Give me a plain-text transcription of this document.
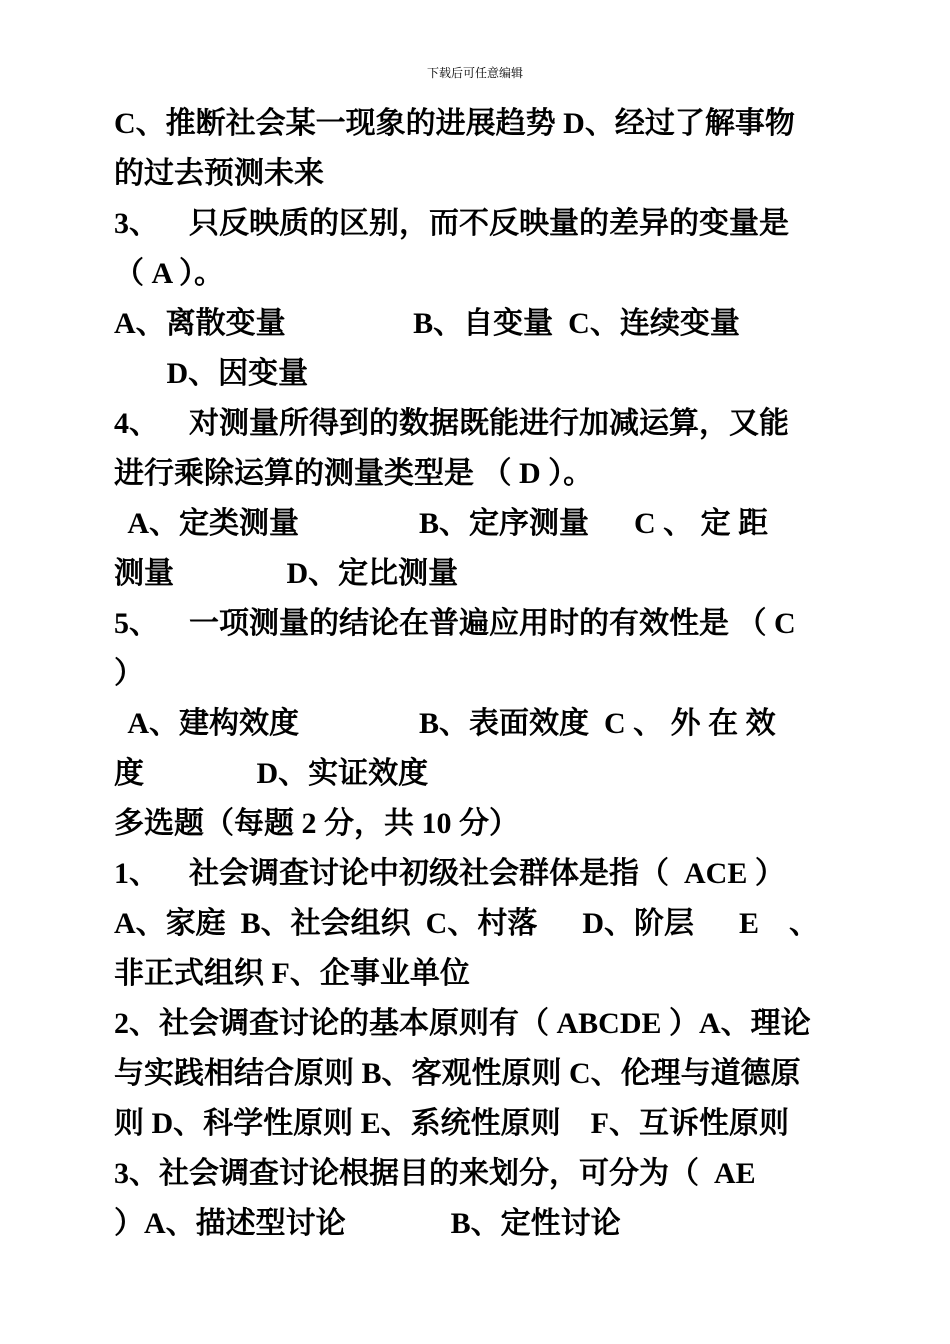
下载后可任意编辑
C、推断社会某一现象的进展趋势 D、经过了解事物
的过去预测未来
3、    只反映质的区别，而不反映量的差异的变量是
（ A ）。
A、离散变量                 B、自变量  C、连续变量
D、因变量
4、    对测量所得到的数据既能进行加减运算，又能
进行乘除运算的测量类型是 （ D ）。
A、定类测量                B、定序测量      C 、 定 距
测量               D、定比测量
5、    一项测量的结论在普遍应用时的有效性是 （ C
）
A、建构效度                B、表面效度  C 、 外 在 效
度               D、实证效度
多选题（每题 2 分，共 10 分）
1、    社会调查讨论中初级社会群体是指（  ACE ）
A、家庭  B、社会组织  C、村落      D、阶层      E    、
非正式组织 F、企事业单位
2、社会调查讨论的基本原则有（ ABCDE ）A、理论
与实践相结合原则 B、客观性原则 C、伦理与道德原
则 D、科学性原则 E、系统性原则    F、互诉性原则
3、社会调查讨论根据目的来划分，可分为（  AE
）A、描述型讨论              B、定性讨论
